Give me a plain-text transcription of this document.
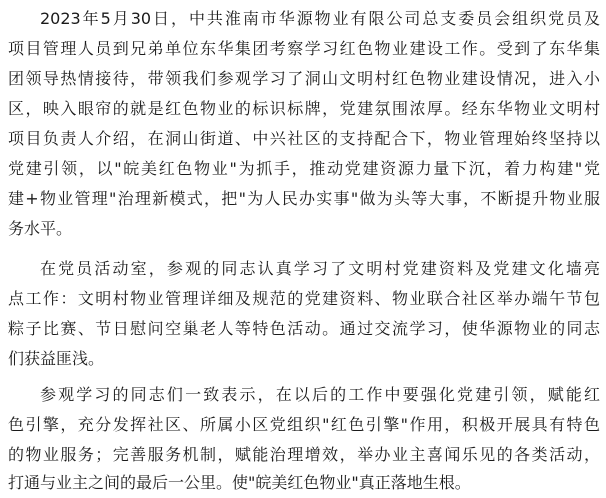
2023年5月30日，中共淮南市华源物业有限公司总支委员会组织党员及
项目管理人员到兄弟单位东华集团考察学习红色物业建设工作。受到了东华集
团领导热情接待，带领我们参观学习了洞山文明村红色物业建设情况，进入小
区，映入眼帘的就是红色物业的标识标牌，党建氛围浓厚。经东华物业文明村
项目负责人介绍，在洞山街道、中兴社区的支持配合下，物业管理始终坚持以
党建引领，以"皖美红色物业"为抓手，推动党建资源力量下沉，着力构建"党
建+物业管理"治理新模式，把"为人民办实事"做为头等大事，不断提升物业服
务水平。
在党员活动室，参观的同志认真学习了文明村党建资料及党建文化墙亮
点工作：文明村物业管理详细及规范的党建资料、物业联合社区举办端午节包
粽子比赛、节日慰问空巢老人等特色活动。通过交流学习，使华源物业的同志
们获益匪浅。
参观学习的同志们一致表示，在以后的工作中要强化党建引领，赋能红
色引擎，充分发挥社区、所属小区党组织"红色引擎"作用，积极开展具有特色
的物业服务；完善服务机制，赋能治理增效，举办业主喜闻乐见的各类活动，
打通与业主之间的最后一公里。使"皖美红色物业"真正落地生根。
